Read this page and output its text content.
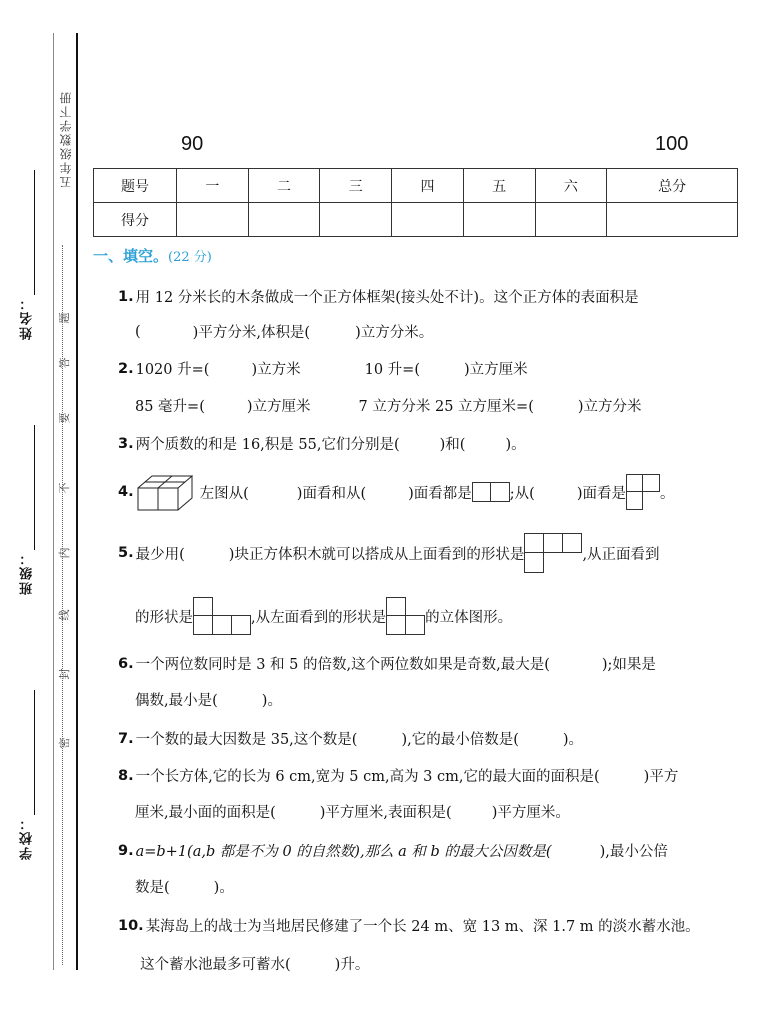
五年级数学下册
题
答
要
不
内
线
封
密
姓名：
班级：
学校：
90	100
题号	一	二	三	四	五	六	总分
得分							
一、填空。(22 分)
1. 用 12 分米长的木条做成一个正方体框架(接头处不计)。这个正方体的表面积是
(	)平方分米,体积是(	)立方分米。
2. 1020 升=(	)立方米	10 升=(	)立方厘米
85 毫升=(	)立方厘米	7 立方分米 25 立方厘米=(	)立方分米
3. 两个质数的和是 16,积是 55,它们分别是(	)和(	)。
4.	左图从(	)面看和从(	)面看都是	;从(	)面看是 。
5. 最少用(	)块正方体积木就可以搭成从上面看到的形状是	,从正面看到
的形状是	,从左面看到的形状是	的立体图形。
6. 一个两位数同时是 3 和 5 的倍数,这个两位数如果是奇数,最大是(	);如果是
偶数,最小是(	)。
7. 一个数的最大因数是 35,这个数是(	),它的最小倍数是(	)。
8. 一个长方体,它的长为 6 cm,宽为 5 cm,高为 3 cm,它的最大面的面积是(	)平方
厘米,最小面的面积是(	)平方厘米,表面积是(	)平方厘米。
9. a=b+1(a,b 都是不为 0 的自然数),那么 a 和 b 的最大公因数是(	),最小公倍
数是(	)。
10. 某海岛上的战士为当地居民修建了一个长 24 m、宽 13 m、深 1.7 m 的淡水蓄水池。
这个蓄水池最多可蓄水(	)升。
